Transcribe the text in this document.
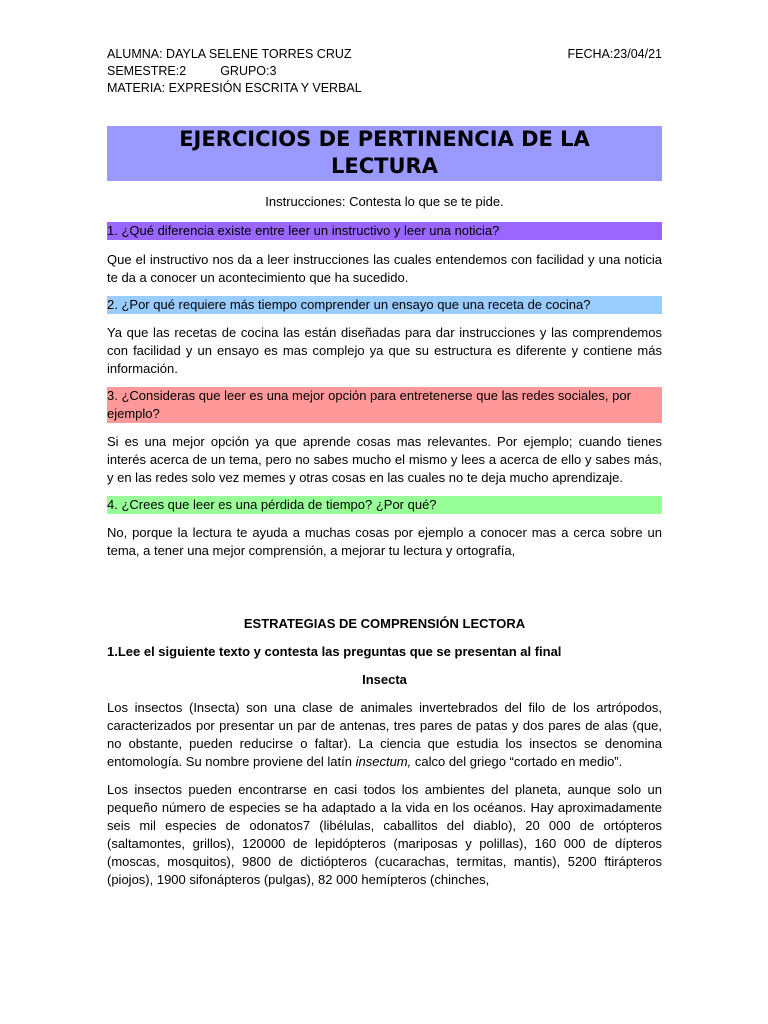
ALUMNA: DAYLA SELENE TORRES CRUZ	FECHA:23/04/21
SEMESTRE:2	GRUPO:3
MATERIA: EXPRESIÓN ESCRITA Y VERBAL
EJERCICIOS DE PERTINENCIA DE LA
LECTURA

Instrucciones: Contesta lo que se te pide.

1. ¿Qué diferencia existe entre leer un instructivo y leer una noticia?

Que el instructivo nos da a leer instrucciones las cuales entendemos con facilidad y una noticia te da a conocer un acontecimiento que ha sucedido.

2. ¿Por qué requiere más tiempo comprender un ensayo que una receta de cocina?

Ya que las recetas de cocina las están diseñadas para dar instrucciones y las comprendemos con facilidad y un ensayo es mas complejo ya que su estructura es diferente y contiene más información.

3. ¿Consideras que leer es una mejor opción para entretenerse que las redes sociales, por ejemplo?

Si es una mejor opción ya que aprende cosas mas relevantes. Por ejemplo; cuando tienes interés acerca de un tema, pero no sabes mucho el mismo y lees a acerca de ello y sabes más, y en las redes solo vez memes y otras cosas en las cuales no te deja mucho aprendizaje.

4. ¿Crees que leer es una pérdida de tiempo? ¿Por qué?

No, porque la lectura te ayuda a muchas cosas por ejemplo a conocer mas a cerca sobre un tema, a tener una mejor comprensión, a mejorar tu lectura y ortografía,

ESTRATEGIAS DE COMPRENSIÓN LECTORA

1.Lee el siguiente texto y contesta las preguntas que se presentan al final

Insecta

Los insectos (Insecta) son una clase de animales invertebrados del filo de los artrópodos, caracterizados por presentar un par de antenas, tres pares de patas y dos pares de alas (que, no obstante, pueden reducirse o faltar). La ciencia que estudia los insectos se denomina entomología. Su nombre proviene del latín insectum, calco del griego “cortado en medio”.

Los insectos pueden encontrarse en casi todos los ambientes del planeta, aunque solo un pequeño número de especies se ha adaptado a la vida en los océanos. Hay aproximadamente seis mil especies de odonatos7 (libélulas, caballitos del diablo), 20 000 de ortópteros (saltamontes, grillos), 120000 de lepidópteros (mariposas y polillas), 160 000 de dípteros (moscas, mosquitos), 9800 de dictiópteros (cucarachas, termitas, mantis), 5200 ftirápteros (piojos), 1900 sifonápteros (pulgas), 82 000 hemípteros (chinches,
